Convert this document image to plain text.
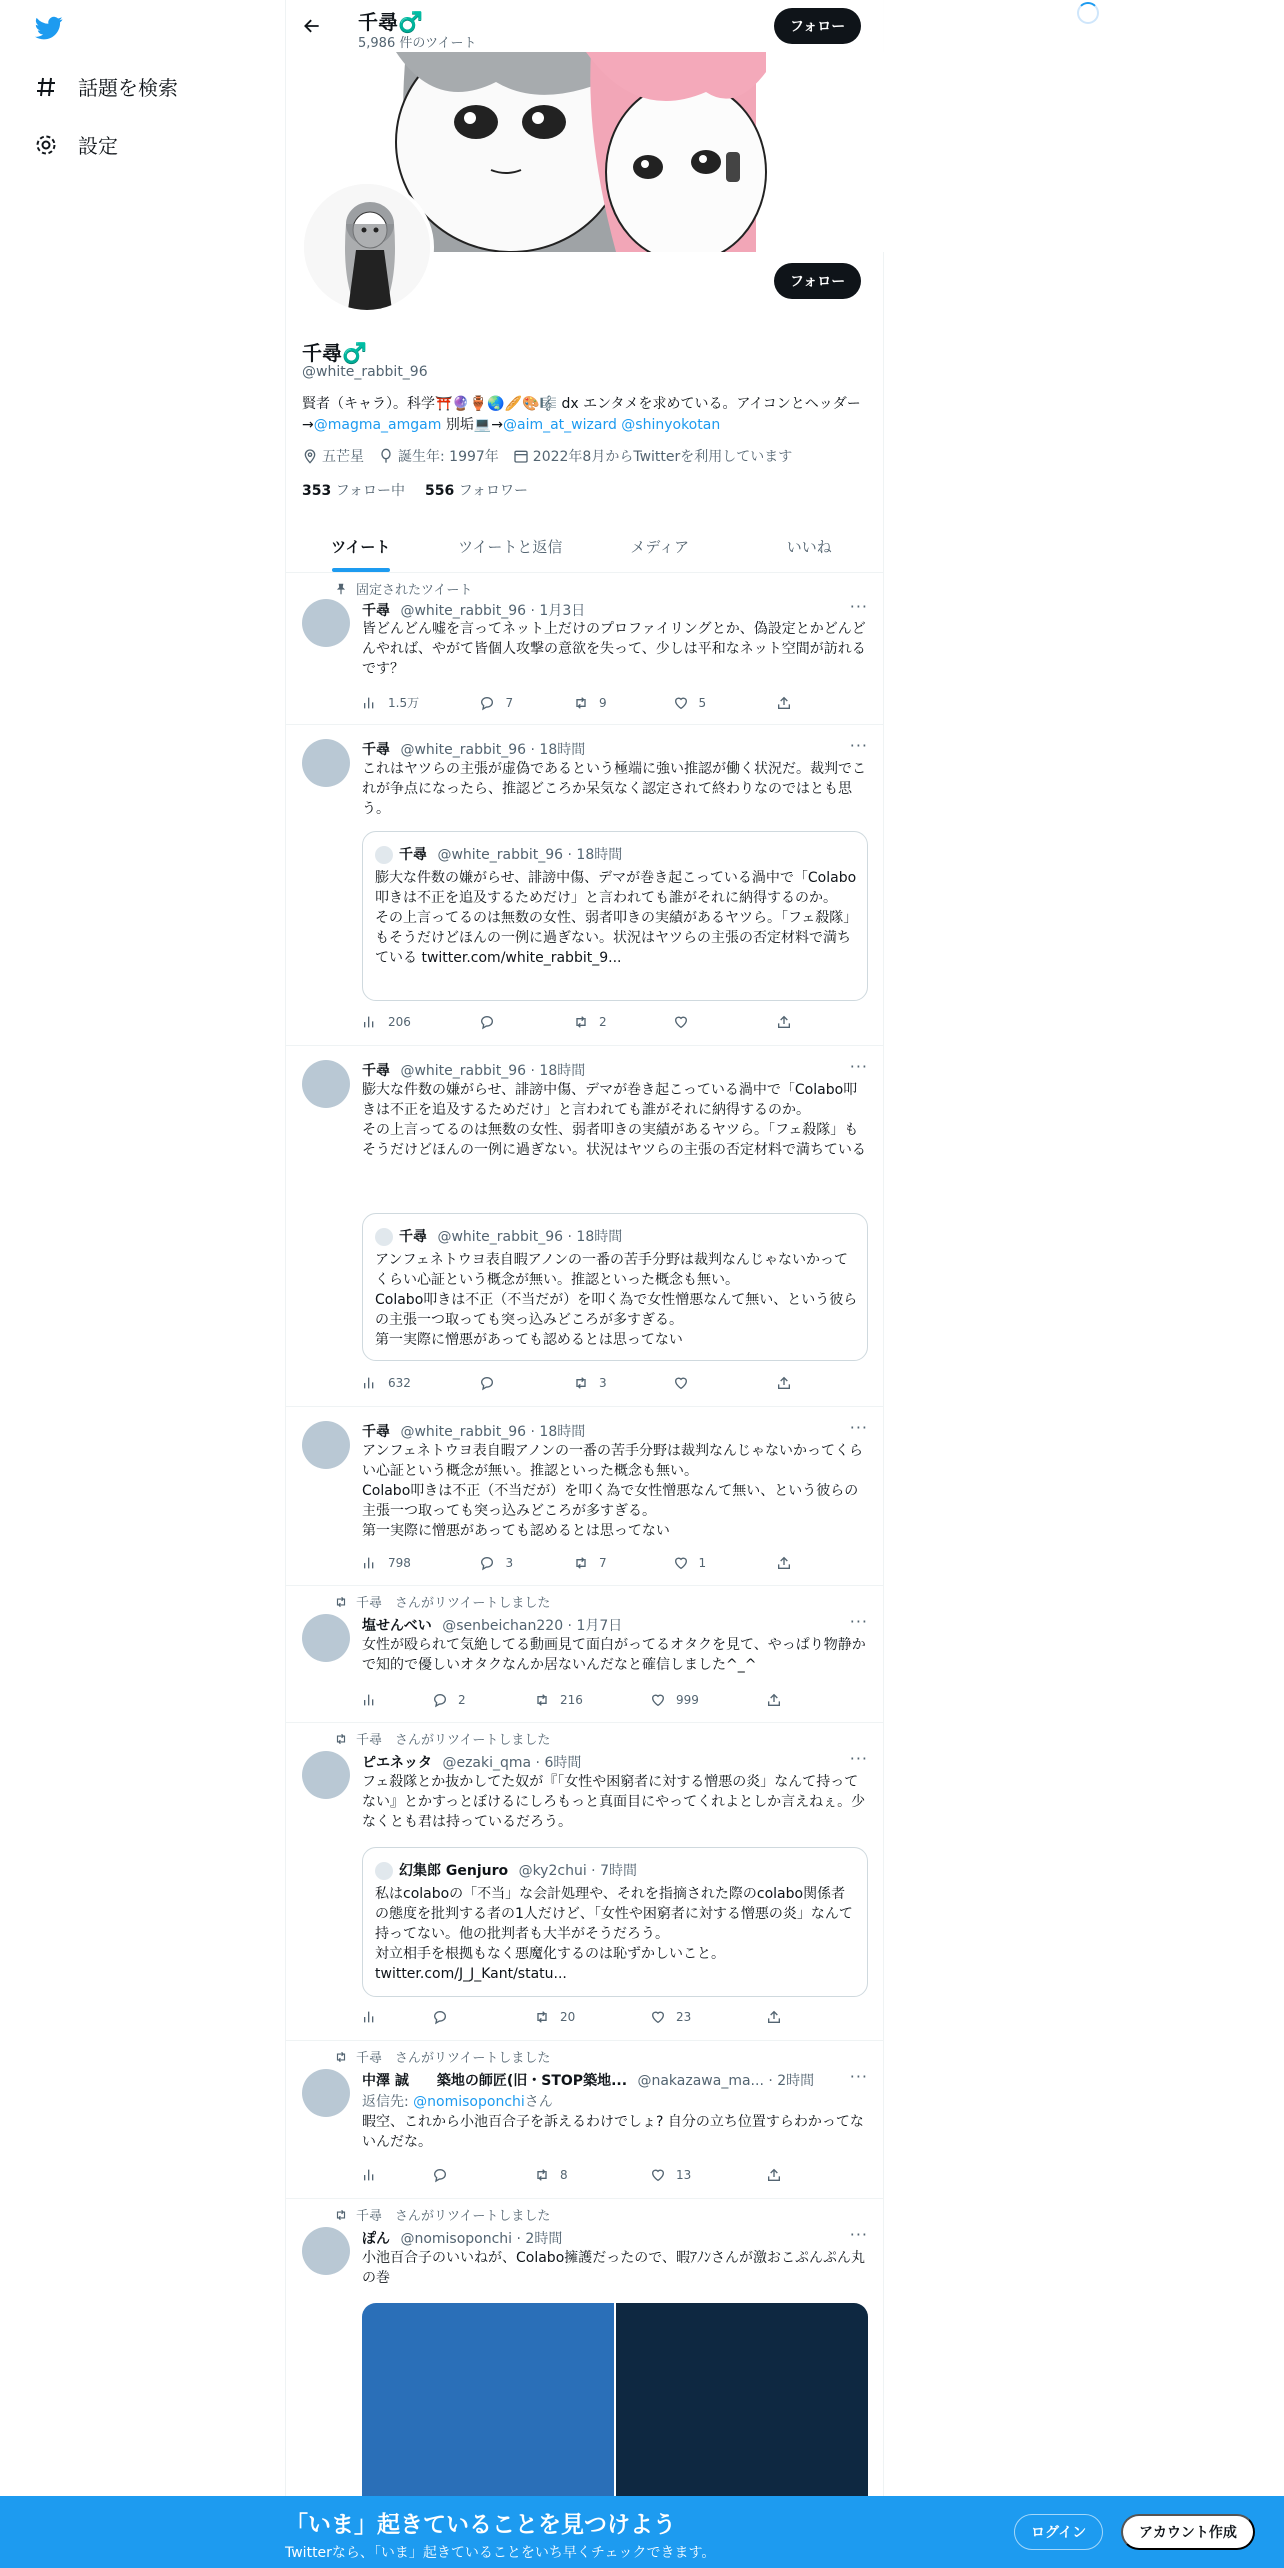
話題を検索
設定
千尋♂️
5,986 件のツイート
フォロー
フォロー
千尋♂️
@white_rabbit_96
賢者（キャラ）。科学⛩️🔮🏺🌏🥖🎨🎼 dx エンタメを求めている。アイコンとヘッダー→@magma_amgam 別垢💻→@aim_at_wizard @shinyokotan
五芒星 誕生年: 1997年 2022年8月からTwitterを利用しています
353 フォロー中 556 フォロワー
ツイート	ツイートと返信	メディア	いいね
固定されたツイート
千尋 @white_rabbit_96 · 1月3日	···
皆どんどん嘘を言ってネット上だけのプロファイリングとか、偽設定とかどんどんやれば、やがて皆個人攻撃の意欲を失って、少しは平和なネット空間が訪れるです？
1.5万	7	9	5
千尋 @white_rabbit_96 · 18時間	···
これはヤツらの主張が虚偽であるという極端に強い推認が働く状況だ。裁判でこれが争点になったら、推認どころか呆気なく認定されて終わりなのではとも思う。
千尋 @white_rabbit_96 · 18時間
膨大な件数の嫌がらせ、誹謗中傷、デマが巻き起こっている渦中で「Colabo叩きは不正を追及するためだけ」と言われても誰がそれに納得するのか。
その上言ってるのは無数の女性、弱者叩きの実績があるヤツら。「フェ殺隊」もそうだけどほんの一例に過ぎない。状況はヤツらの主張の否定材料で満ちている twitter.com/white_rabbit_9...
206	2
千尋 @white_rabbit_96 · 18時間	···
膨大な件数の嫌がらせ、誹謗中傷、デマが巻き起こっている渦中で「Colabo叩きは不正を追及するためだけ」と言われても誰がそれに納得するのか。
その上言ってるのは無数の女性、弱者叩きの実績があるヤツら。「フェ殺隊」もそうだけどほんの一例に過ぎない。状況はヤツらの主張の否定材料で満ちている
千尋 @white_rabbit_96 · 18時間
アンフェネトウヨ表自暇アノンの一番の苦手分野は裁判なんじゃないかってくらい心証という概念が無い。推認といった概念も無い。
Colabo叩きは不正（不当だが）を叩く為で女性憎悪なんて無い、という彼らの主張一つ取っても突っ込みどころが多すぎる。
第一実際に憎悪があっても認めるとは思ってない
632	3
千尋 @white_rabbit_96 · 18時間	···
アンフェネトウヨ表自暇アノンの一番の苦手分野は裁判なんじゃないかってくらい心証という概念が無い。推認といった概念も無い。
Colabo叩きは不正（不当だが）を叩く為で女性憎悪なんて無い、という彼らの主張一つ取っても突っ込みどころが多すぎる。
第一実際に憎悪があっても認めるとは思ってない
798	3	7	1
千尋　さんがリツイートしました
塩せんべい @senbeichan220 · 1月7日	···
女性が殴られて気絶してる動画見て面白がってるオタクを見て、やっぱり物静かで知的で優しいオタクなんか居ないんだなと確信しました^_^
2	216	999
千尋　さんがリツイートしました
ピエネッタ @ezaki_qma · 6時間	···
フェ殺隊とか抜かしてた奴が『「女性や困窮者に対する憎悪の炎」なんて持ってない』とかすっとぼけるにしろもっと真面目にやってくれよとしか言えねぇ。少なくとも君は持っているだろう。
幻集郎 Genjuro @ky2chui · 7時間
私はcolaboの「不当」な会計処理や、それを指摘された際のcolabo関係者の態度を批判する者の1人だけど、「女性や困窮者に対する憎悪の炎」なんて持ってない。他の批判者も大半がそうだろう。
対立相手を根拠もなく悪魔化するのは恥ずかしいこと。
twitter.com/J_J_Kant/statu...
20	23
千尋　さんがリツイートしました
中澤 誠　　築地の師匠(旧・STOP築地... @nakazawa_ma... · 2時間 ···
返信先: @nomisoponchiさん
暇空、これから小池百合子を訴えるわけでしょ? 自分の立ち位置すらわかってないんだな。
8	13
千尋　さんがリツイートしました
ぽん @nomisoponchi · 2時間	···
小池百合子のいいねが、Colabo擁護だったので、暇ｱﾉﾝさんが激おこぷんぷん丸の巻
「いま」起きていることを見つけよう
Twitterなら、「いま」起きていることをいち早くチェックできます。
ログイン	アカウント作成
